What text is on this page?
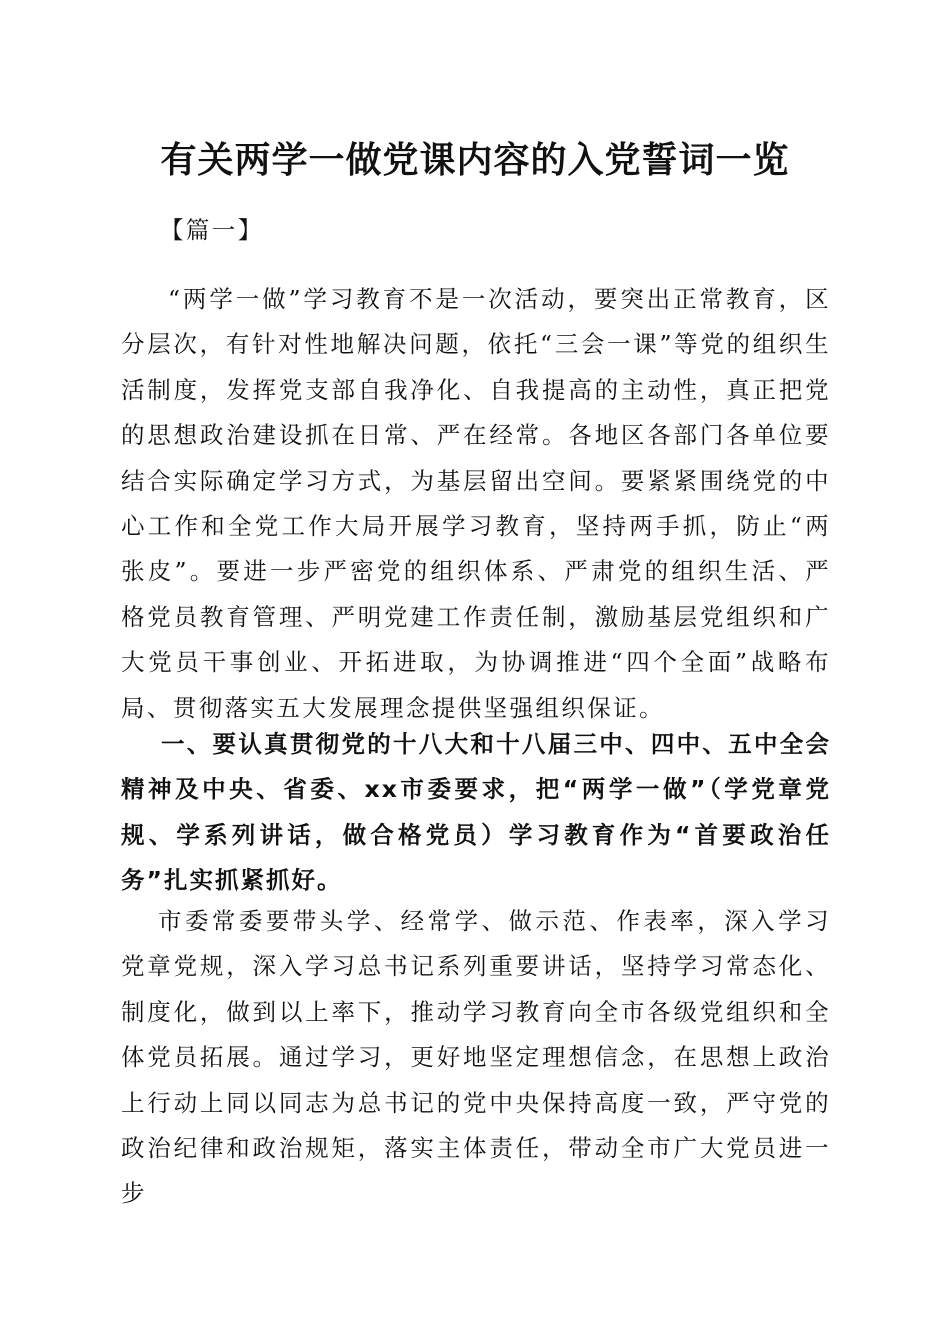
有关两学一做党课内容的入党誓词一览

【篇一】

“两学一做”学习教育不是一次活动，要突出正常教育，区分层次，有针对性地解决问题，依托“三会一课”等党的组织生活制度，发挥党支部自我净化、自我提高的主动性，真正把党的思想政治建设抓在日常、严在经常。各地区各部门各单位要结合实际确定学习方式，为基层留出空间。要紧紧围绕党的中心工作和全党工作大局开展学习教育，坚持两手抓，防止“两张皮”。要进一步严密党的组织体系、严肃党的组织生活、严格党员教育管理、严明党建工作责任制，激励基层党组织和广大党员干事创业、开拓进取，为协调推进“四个全面”战略布局、贯彻落实五大发展理念提供坚强组织保证。

一、要认真贯彻党的十八大和十八届三中、四中、五中全会精神及中央、省委、xx市委要求，把“两学一做”（学党章党规、学系列讲话，做合格党员）学习教育作为“首要政治任务”扎实抓紧抓好。

市委常委要带头学、经常学、做示范、作表率，深入学习党章党规，深入学习总书记系列重要讲话，坚持学习常态化、制度化，做到以上率下，推动学习教育向全市各级党组织和全体党员拓展。通过学习，更好地坚定理想信念，在思想上政治上行动上同以同志为总书记的党中央保持高度一致，严守党的政治纪律和政治规矩，落实主体责任，带动全市广大党员进一步
